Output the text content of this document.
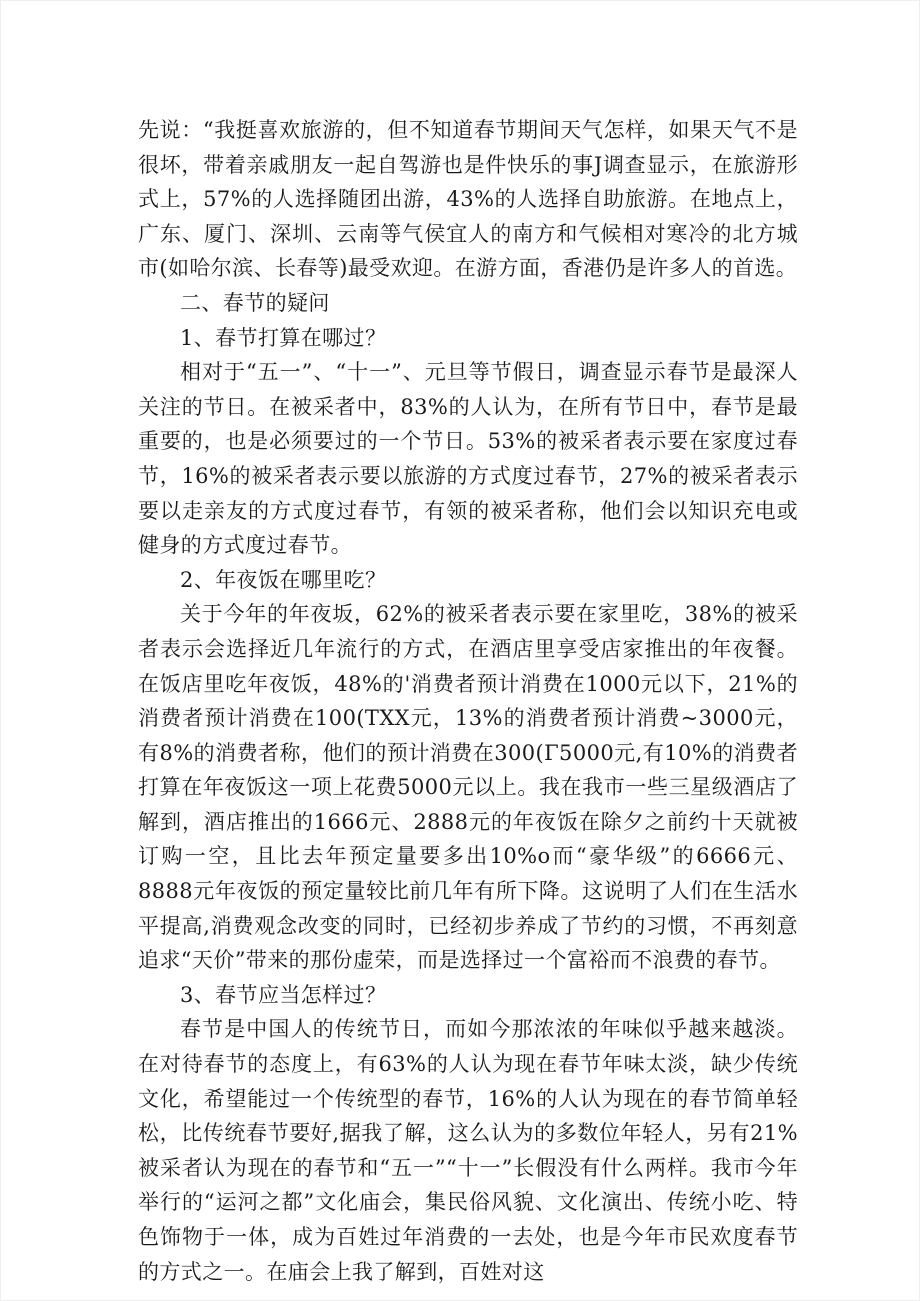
先说：“我挺喜欢旅游的，但不知道春节期间天气怎样，如果天气不是很坏，带着亲戚朋友一起自驾游也是件快乐的事J调查显示，在旅游形式上，57%的人选择随团出游，43%的人选择自助旅游。在地点上，广东、厦门、深圳、云南等气侯宜人的南方和气候相对寒冷的北方城市(如哈尔滨、长春等)最受欢迎。在游方面，香港仍是许多人的首选。

二、春节的疑问

1、春节打算在哪过？

相对于“五一”、“十一”、元旦等节假日，调查显示春节是最深人关注的节日。在被采者中，83%的人认为，在所有节日中，春节是最重要的，也是必须要过的一个节日。53%的被采者表示要在家度过春节，16%的被采者表示要以旅游的方式度过春节，27%的被采者表示要以走亲友的方式度过春节，有领的被采者称，他们会以知识充电或健身的方式度过春节。

2、年夜饭在哪里吃？

关于今年的年夜坂，62%的被采者表示要在家里吃，38%的被采者表示会选择近几年流行的方式，在酒店里享受店家推出的年夜餐。在饭店里吃年夜饭，48%的'消费者预计消费在1000元以下，21%的消费者预计消费在100(TXX元，13%的消费者预计消费~3000元，有8%的消费者称，他们的预计消费在300(Γ5000元,有10%的消费者打算在年夜饭这一项上花费5000元以上。我在我市一些三星级酒店了解到，酒店推出的1666元、2888元的年夜饭在除夕之前约十天就被订购一空，且比去年预定量要多出10%o而“豪华级”的6666元、8888元年夜饭的预定量较比前几年有所下降。这说明了人们在生活水平提高,消费观念改变的同时，已经初步养成了节约的习惯，不再刻意追求“天价”带来的那份虚荣，而是选择过一个富裕而不浪费的春节。

3、春节应当怎样过？

春节是中国人的传统节日，而如今那浓浓的年味似乎越来越淡。在对待春节的态度上，有63%的人认为现在春节年味太淡，缺少传统文化，希望能过一个传统型的春节，16%的人认为现在的春节简单轻松，比传统春节要好,据我了解，这么认为的多数位年轻人，另有21%被采者认为现在的春节和“五一”“十一”长假没有什么两样。我市今年举行的“运河之都”文化庙会，集民俗风貌、文化演出、传统小吃、特色饰物于一体，成为百姓过年消费的一去处，也是今年市民欢度春节的方式之一。在庙会上我了解到，百姓对这
